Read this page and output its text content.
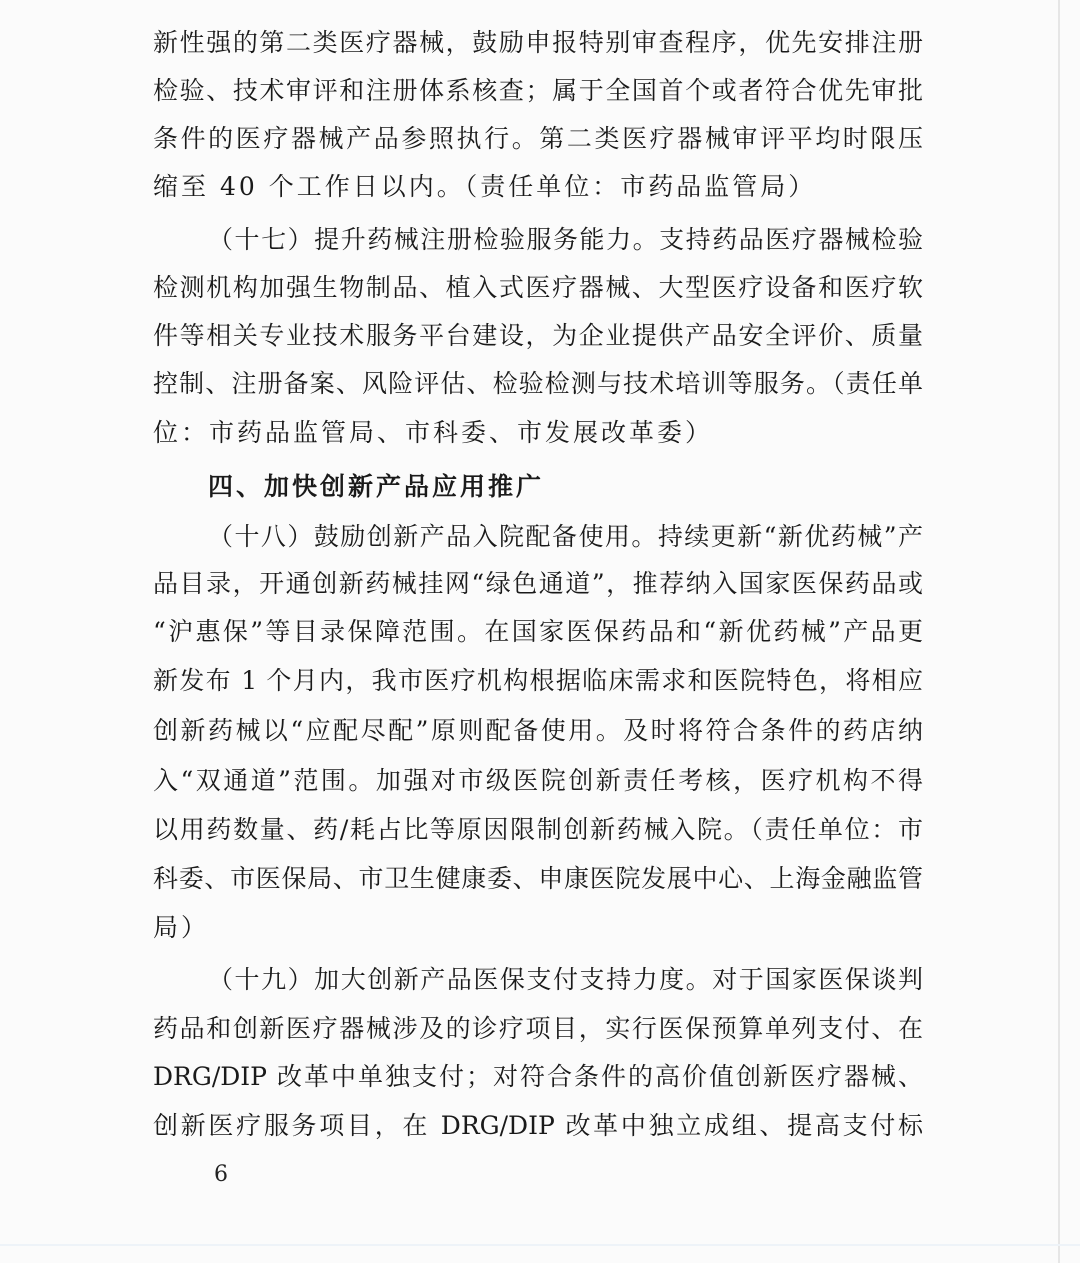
新性强的第二类医疗器械，鼓励申报特别审查程序，优先安排注册
检验、技术审评和注册体系核查；属于全国首个或者符合优先审批
条件的医疗器械产品参照执行。第二类医疗器械审评平均时限压
缩至 40 个工作日以内。（责任单位：市药品监管局）
（十七）提升药械注册检验服务能力。支持药品医疗器械检验
检测机构加强生物制品、植入式医疗器械、大型医疗设备和医疗软
件等相关专业技术服务平台建设，为企业提供产品安全评价、质量
控制、注册备案、风险评估、检验检测与技术培训等服务。（责任单
位：市药品监管局、市科委、市发展改革委）
四、加快创新产品应用推广
（十八）鼓励创新产品入院配备使用。持续更新“新优药械”产
品目录，开通创新药械挂网“绿色通道”，推荐纳入国家医保药品或
“沪惠保”等目录保障范围。在国家医保药品和“新优药械”产品更
新发布 1 个月内，我市医疗机构根据临床需求和医院特色，将相应
创新药械以“应配尽配”原则配备使用。及时将符合条件的药店纳
入“双通道”范围。加强对市级医院创新责任考核，医疗机构不得
以用药数量、药/耗占比等原因限制创新药械入院。（责任单位：市
科委、市医保局、市卫生健康委、申康医院发展中心、上海金融监管
局）
（十九）加大创新产品医保支付支持力度。对于国家医保谈判
药品和创新医疗器械涉及的诊疗项目，实行医保预算单列支付、在
DRG/DIP 改革中单独支付；对符合条件的高价值创新医疗器械、
创新医疗服务项目，在 DRG/DIP 改革中独立成组、提高支付标
6
